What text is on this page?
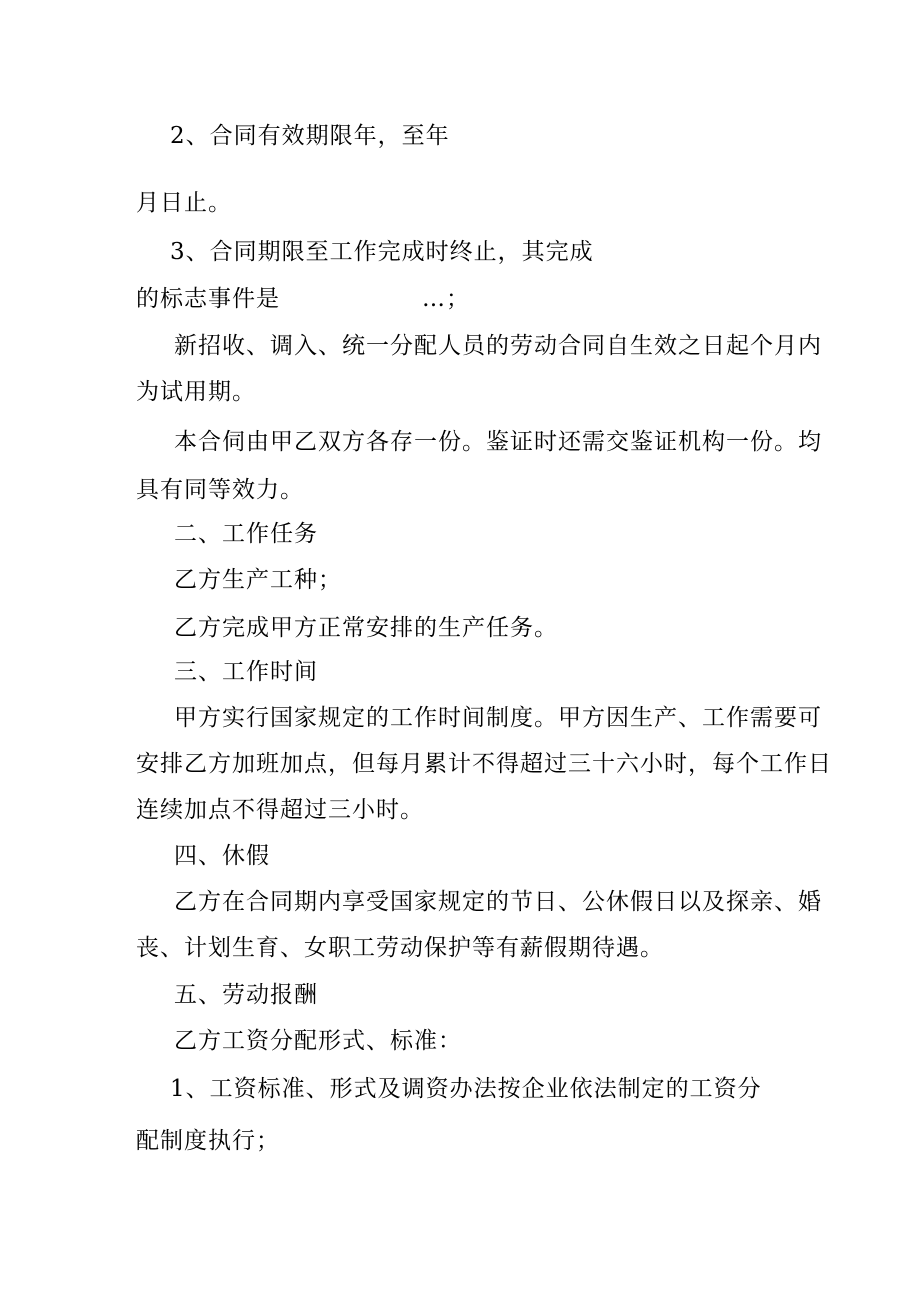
2、合同有效期限年，至年
月日止。
3、合同期限至工作完成时终止，其完成
的标志事件是	…；
新招收、调入、统一分配人员的劳动合同自生效之日起个月内
为试用期。
本合伺由甲乙双方各存一份。鉴证时还需交鉴证机构一份。均
具有同等效力。
二、工作任务
乙方生产工种；
乙方完成甲方正常安排的生产任务。
三、工作时间
甲方实行国家规定的工作时间制度。甲方因生产、工作需要可
安排乙方加班加点，但每月累计不得超过三十六小时，每个工作日
连续加点不得超过三小时。
四、休假
乙方在合同期内享受国家规定的节日、公休假日以及探亲、婚
丧、计划生育、女职工劳动保护等有薪假期待遇。
五、劳动报酬
乙方工资分配形式、标准：
1、工资标准、形式及调资办法按企业依法制定的工资分
配制度执行；
